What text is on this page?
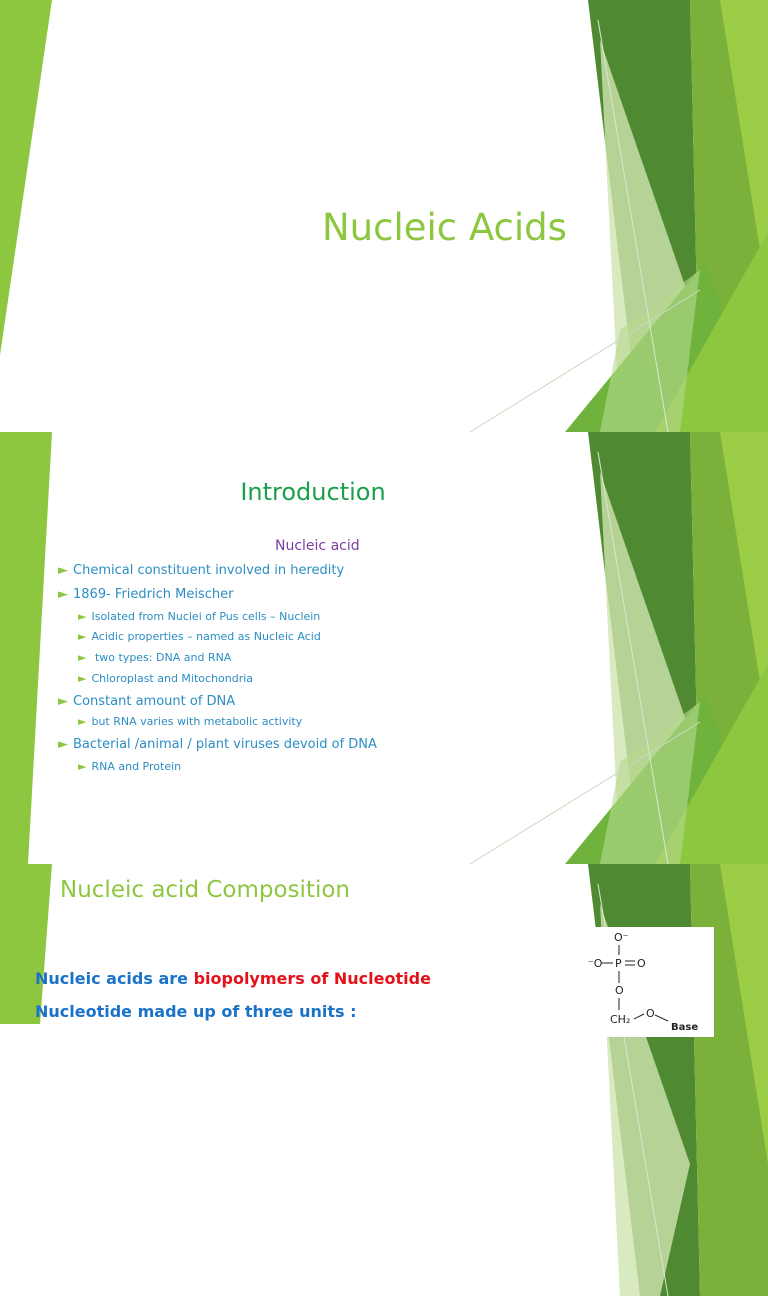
Nucleic Acids
Introduction
Nucleic acid
► Chemical constituent involved in heredity
► 1869- Friedrich Meischer
► Isolated from Nuclei of Pus cells – Nuclein
► Acidic properties – named as Nucleic Acid
► two types: DNA and RNA
► Chloroplast and Mitochondria
► Constant amount of DNA
► but RNA varies with metabolic activity
► Bacterial /animal / plant viruses devoid of DNA
► RNA and Protein
Nucleic acid Composition
Nucleic acids are biopolymers of Nucleotide
Nucleotide made up of three units :
O⁻
⁻O P O
O
CH₂ O
Base
